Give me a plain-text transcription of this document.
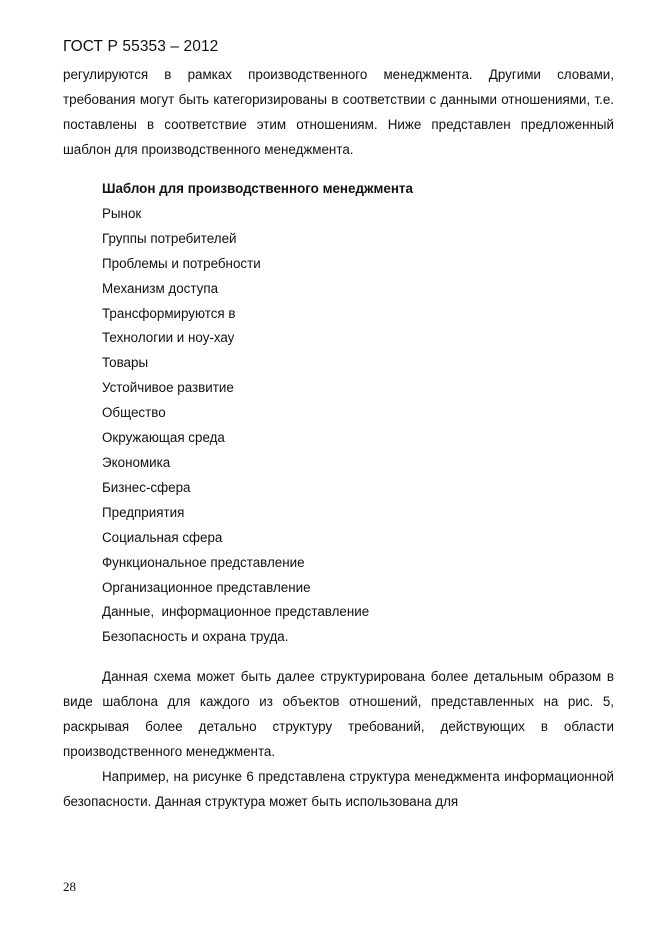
ГОСТ Р 55353 – 2012

регулируются в рамках производственного менеджмента. Другими словами, требования могут быть категоризированы в соответствии с данными отношениями, т.е. поставлены в соответствие этим отношениям. Ниже представлен предложенный шаблон для производственного менеджмента.

Шаблон для производственного менеджмента

Рынок
Группы потребителей
Проблемы и потребности
Механизм доступа
Трансформируются в
Технологии и ноу-хау
Товары
Устойчивое развитие
Общество
Окружающая среда
Экономика
Бизнес-сфера
Предприятия
Социальная сфера
Функциональное представление
Организационное представление
Данные,  информационное представление
Безопасность и охрана труда.

Данная схема может быть далее структурирована более детальным образом в виде шаблона для каждого из объектов отношений, представленных на рис. 5, раскрывая более детально структуру требований, действующих в области производственного менеджмента.

Например, на рисунке 6 представлена структура менеджмента информационной безопасности. Данная структура может быть использована для

28
